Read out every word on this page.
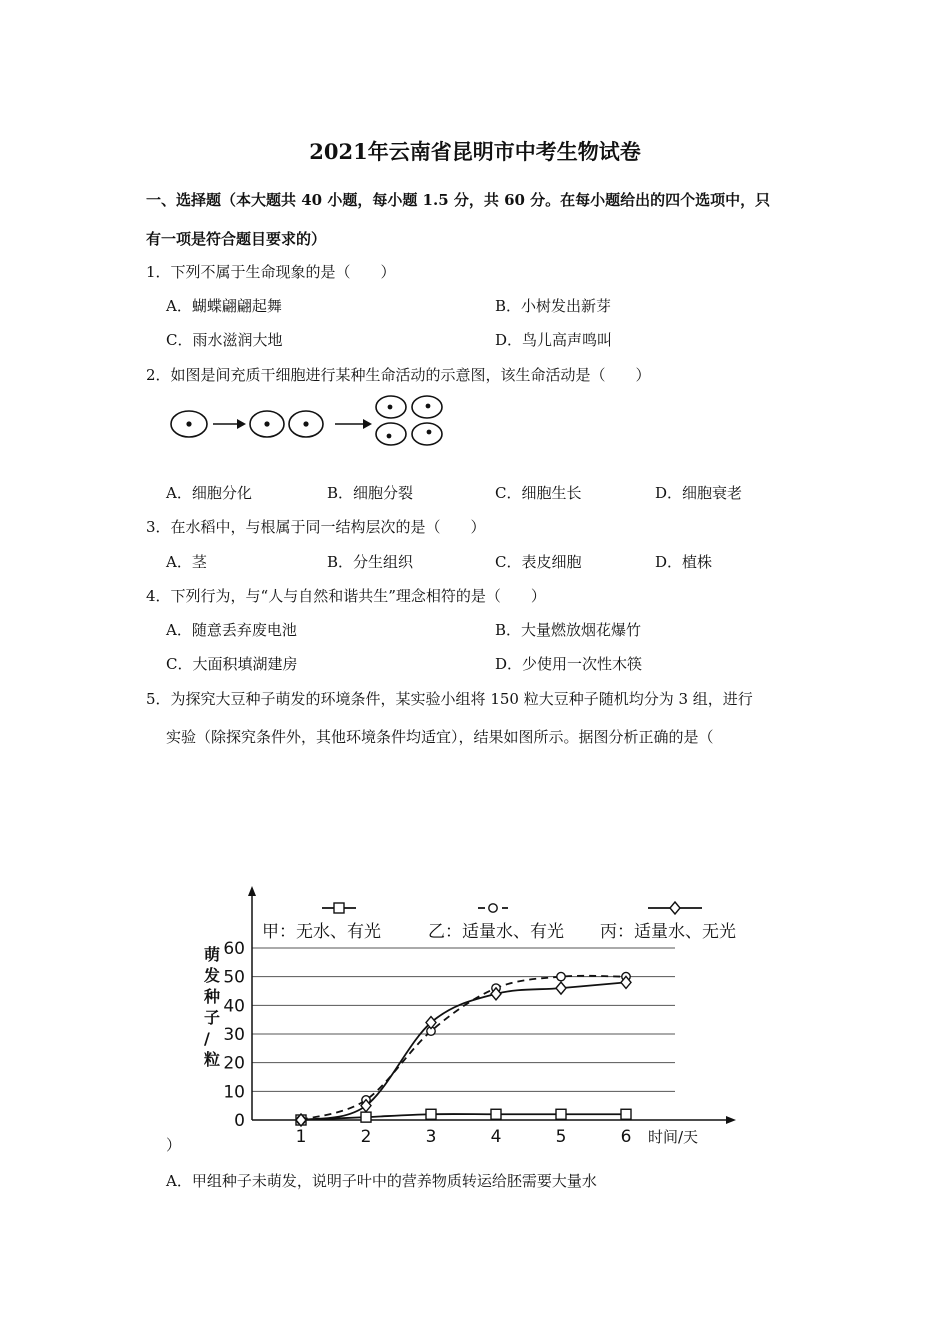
2021年云南省昆明市中考生物试卷
一、选择题（本大题共 40 小题，每小题 1.5 分，共 60 分。在每小题给出的四个选项中，只
有一项是符合题目要求的）
1．下列不属于生命现象的是（　　）
A．蝴蝶翩翩起舞	B．小树发出新芽
C．雨水滋润大地	D．鸟儿高声鸣叫
2．如图是间充质干细胞进行某种生命活动的示意图，该生命活动是（　　）
A．细胞分化	B．细胞分裂	C．细胞生长	D．细胞衰老
3．在水稻中，与根属于同一结构层次的是（　　）
A．茎	B．分生组织	C．表皮细胞	D．植株
4．下列行为，与“人与自然和谐共生”理念相符的是（　　）
A．随意丢弃废电池	B．大量燃放烟花爆竹
C．大面积填湖建房	D．少使用一次性木筷
5．为探究大豆种子萌发的环境条件，某实验小组将 150 粒大豆种子随机均分为 3 组，进行
实验（除探究条件外，其他环境条件均适宜），结果如图所示。据图分析正确的是（
0
10
20
30
40
50
60
1	2	3	4	5	6 时间/天
萌发种子/粒
甲：无水、有光	乙：适量水、有光 丙：适量水、无光
）
A．甲组种子未萌发，说明子叶中的营养物质转运给胚需要大量水
